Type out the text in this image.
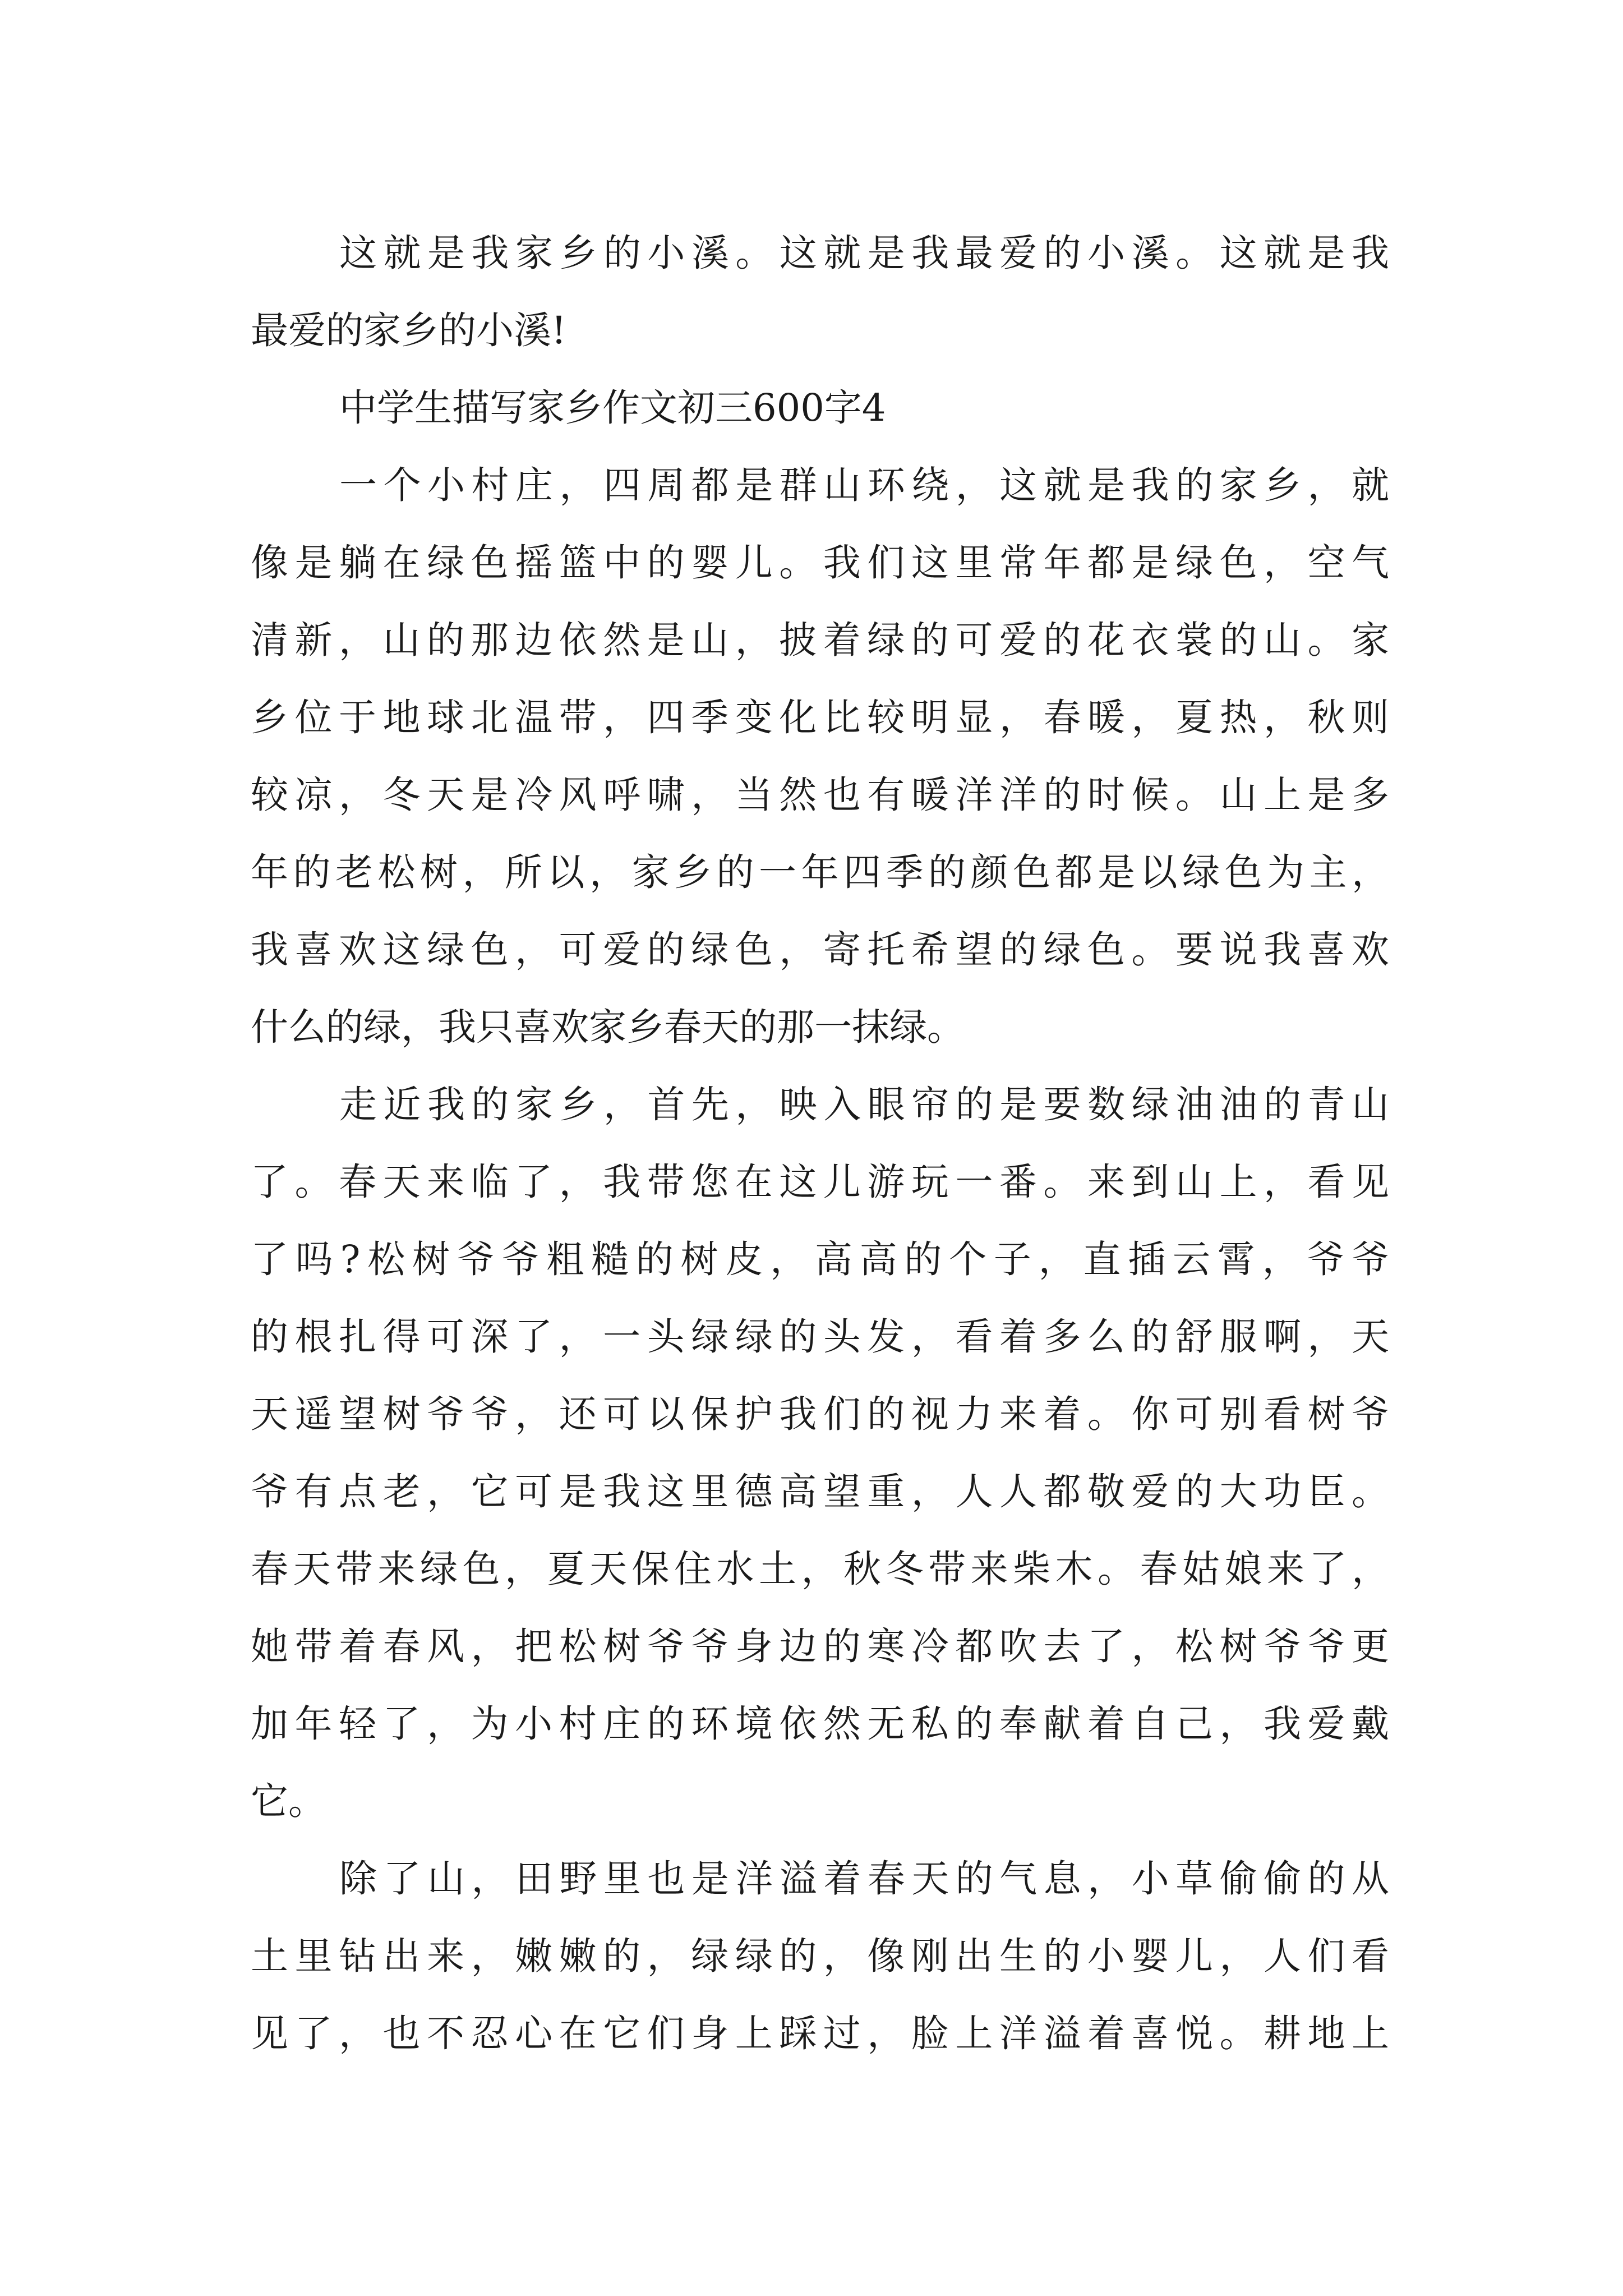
这就是我家乡的小溪。这就是我最爱的小溪。这就是我
最爱的家乡的小溪!
中学生描写家乡作文初三600字4
一个小村庄，四周都是群山环绕，这就是我的家乡，就
像是躺在绿色摇篮中的婴儿。我们这里常年都是绿色，空气
清新，山的那边依然是山，披着绿的可爱的花衣裳的山。家
乡位于地球北温带，四季变化比较明显，春暖，夏热，秋则
较凉，冬天是冷风呼啸，当然也有暖洋洋的时候。山上是多
年的老松树，所以，家乡的一年四季的颜色都是以绿色为主，
我喜欢这绿色，可爱的绿色，寄托希望的绿色。要说我喜欢
什么的绿，我只喜欢家乡春天的那一抹绿。
走近我的家乡，首先，映入眼帘的是要数绿油油的青山
了。春天来临了，我带您在这儿游玩一番。来到山上，看见
了吗?松树爷爷粗糙的树皮，高高的个子，直插云霄，爷爷
的根扎得可深了，一头绿绿的头发，看着多么的舒服啊，天
天遥望树爷爷，还可以保护我们的视力来着。你可别看树爷
爷有点老，它可是我这里德高望重，人人都敬爱的大功臣。
春天带来绿色，夏天保住水土，秋冬带来柴木。春姑娘来了，
她带着春风，把松树爷爷身边的寒冷都吹去了，松树爷爷更
加年轻了，为小村庄的环境依然无私的奉献着自己，我爱戴
它。
除了山，田野里也是洋溢着春天的气息，小草偷偷的从
土里钻出来，嫩嫩的，绿绿的，像刚出生的小婴儿，人们看
见了，也不忍心在它们身上踩过，脸上洋溢着喜悦。耕地上
